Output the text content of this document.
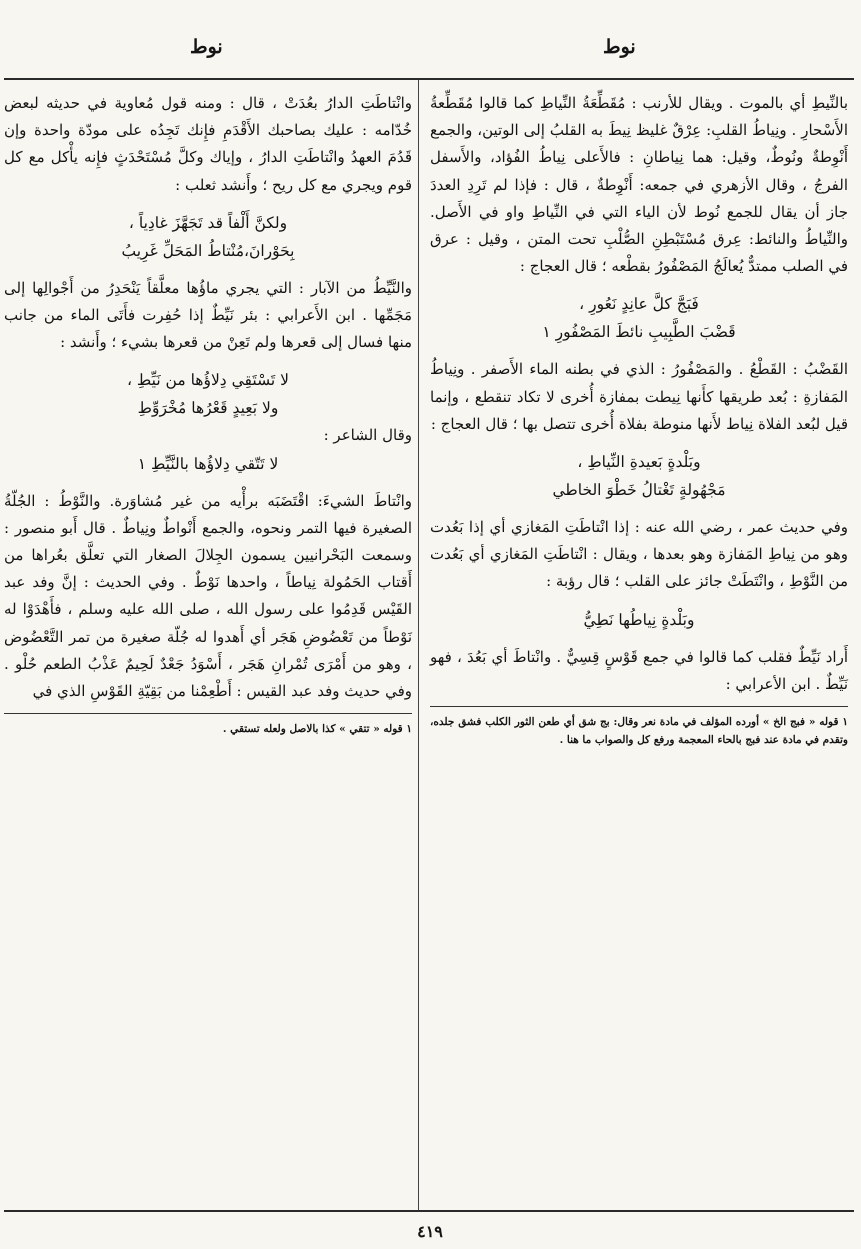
نوط
نوط

بالنِّيطِ أي بالموت . ويقال للأرنب : مُقَطِّعَةُ النِّياطِ كما قالوا مُقَطِّعةُ الأَسْحارِ . ونِياطُ القلبِ: عِرْقٌ غليظ نِيطَ به القلبُ إلى الوتين، والجمع أَنْوِطةٌ ونُوطٌ، وقيل: هما نِياطانِ : فالأَعلى نِياطُ الفُؤاد، والأَسفل الفرجُ ، وقال الأزهري في جمعه: أَنْوِطةٌ ، قال : فإذا لم تَرِدِ العددَ جاز أن يقال للجمع نُوط لأن الياء التي في النِّياطِ واو في الأَصل. والنِّياطُ والنائط: عِرق مُسْتَبْطِنِ الصُّلْبِ تحت المتن ، وقيل : عرق في الصلب ممتدٌّ يُعالَجُ المَصْفُورُ بقطْعه ؛ قال العجاج :

فَبَجَّ كلَّ عانِدٍ نَعُورِ ،

قَضْبَ الطَّبِيبِ نائطَ المَصْفُورِ ١

القَضْبُ : القَطْعُ . والمَصْفُورُ : الذي في بطنه الماء الأَصفر . ونِياطُ المَفازةِ : بُعد طريقها كأَنها نِيطت بمفازة أُخرى لا تكاد تنقطع ، وإنما قيل لبُعد الفلاة نِياط لأَنها منوطة بفلاة أُخرى تتصل بها ؛ قال العجاج :

وبَلْدةٍ بَعيدةِ النِّياطِ ،

مَجْهُولةٍ تَغْتالُ خَطْوَ الخاطي

وفي حديث عمر ، رضي الله عنه : إذا انْتاطَتِ المَغازي أي إذا بَعُدت وهو من نِياطِ المَفازة وهو بعدها ، ويقال : انْتاطَتِ المَغازي أي بَعُدت من النَّوْطِ ، وانْتَطَتْ جائز على القلب ؛ قال رؤبة :

وبَلْدةٍ نِياطُها نَطِيُّ

أَراد نَيِّطٌ فقلب كما قالوا في جمع قَوْسٍ قِسِيٌّ . وانْتاطَ أي بَعُدَ ، فهو نَيِّطٌ . ابن الأعرابي :

١ قوله « فبج الخ » أورده المؤلف في مادة نعر وقال: بج شق أي طعن الثور الكلب فشق جلده، وتقدم في مادة عند فبج بالحاء المعجمة ورفع كل والصواب ما هنا .

وانْتاطَتِ الدارُ بعُدَتْ ، قال : ومنه قول مُعاوية في حديثه لبعض خُدّامه : عليك بصاحبك الأَقْدَمِ فإِنك تَجِدُه على مودّة واحدة وإن قَدُمَ العهدُ وانْتاطَتِ الدارُ ، وإياك وكلَّ مُسْتَحْدَثٍ فإِنه يأْكل مع كل قوم ويجري مع كل ريح ؛ وأَنشد ثعلب :

ولكنَّ أَلْفاً قد تَجَهَّزَ غادِياً ،

بِحَوْرانَ،مُنْتاطُ المَحَلِّ غَرِيبُ

والنَّيِّطُ من الآبار : التي يجري ماؤُها معلَّقاً يَنْحَدِرُ من أَجْوالِها إلى مَجَمِّها . ابن الأَعرابي : بئر نَيِّطٌ إذا حُفِرت فأَتَى الماء من جانب منها فسال إلى قعرها ولم تَعِنْ من قعرها بشيء ؛ وأَنشد :

لا تَسْتَقِي دِلاؤُها من نَيِّطِ ،

ولا بَعِيدٍ قَعْرُها مُخْرَوِّطِ

وقال الشاعر :

لا تَتّقي دِلاؤُها بالنَّيِّطِ ١

وانْتاطَ الشيءَ: اقْتَضَبَه برأْيه من غير مُشاوَرة. والنَّوْطُ : الجُلّةُ الصغيرة فيها التمر ونحوه، والجمع أَنْواطٌ ونِياطٌ . قال أَبو منصور : وسمعت البَحْرانيين يسمون الجِلالَ الصغار التي تعلَّق بعُراها من أَقتاب الحَمُولة نِياطاً ، واحدها نَوْطٌ . وفي الحديث : إنَّ وفد عبد القَيْس قَدِمُوا على رسول الله ، صلى الله عليه وسلم ، فأَهْدَوْا له نَوْطاً من تَعْضُوضِ هَجَر أي أَهدوا له جُلّة صغيرة من تمر التَّعْضُوض ، وهو من أَمْرَى تُمْرانِ هَجَر ، أَسْوَدُ جَعْدٌ لَحِيمٌ عَذْبُ الطعم حُلْو . وفي حديث وفد عبد القيس : أَطْعِمْنا من بَقِيّةِ القَوْسِ الذي في

١ قوله « تتقي » كذا بالاصل ولعله تستقي .

٤١٩
